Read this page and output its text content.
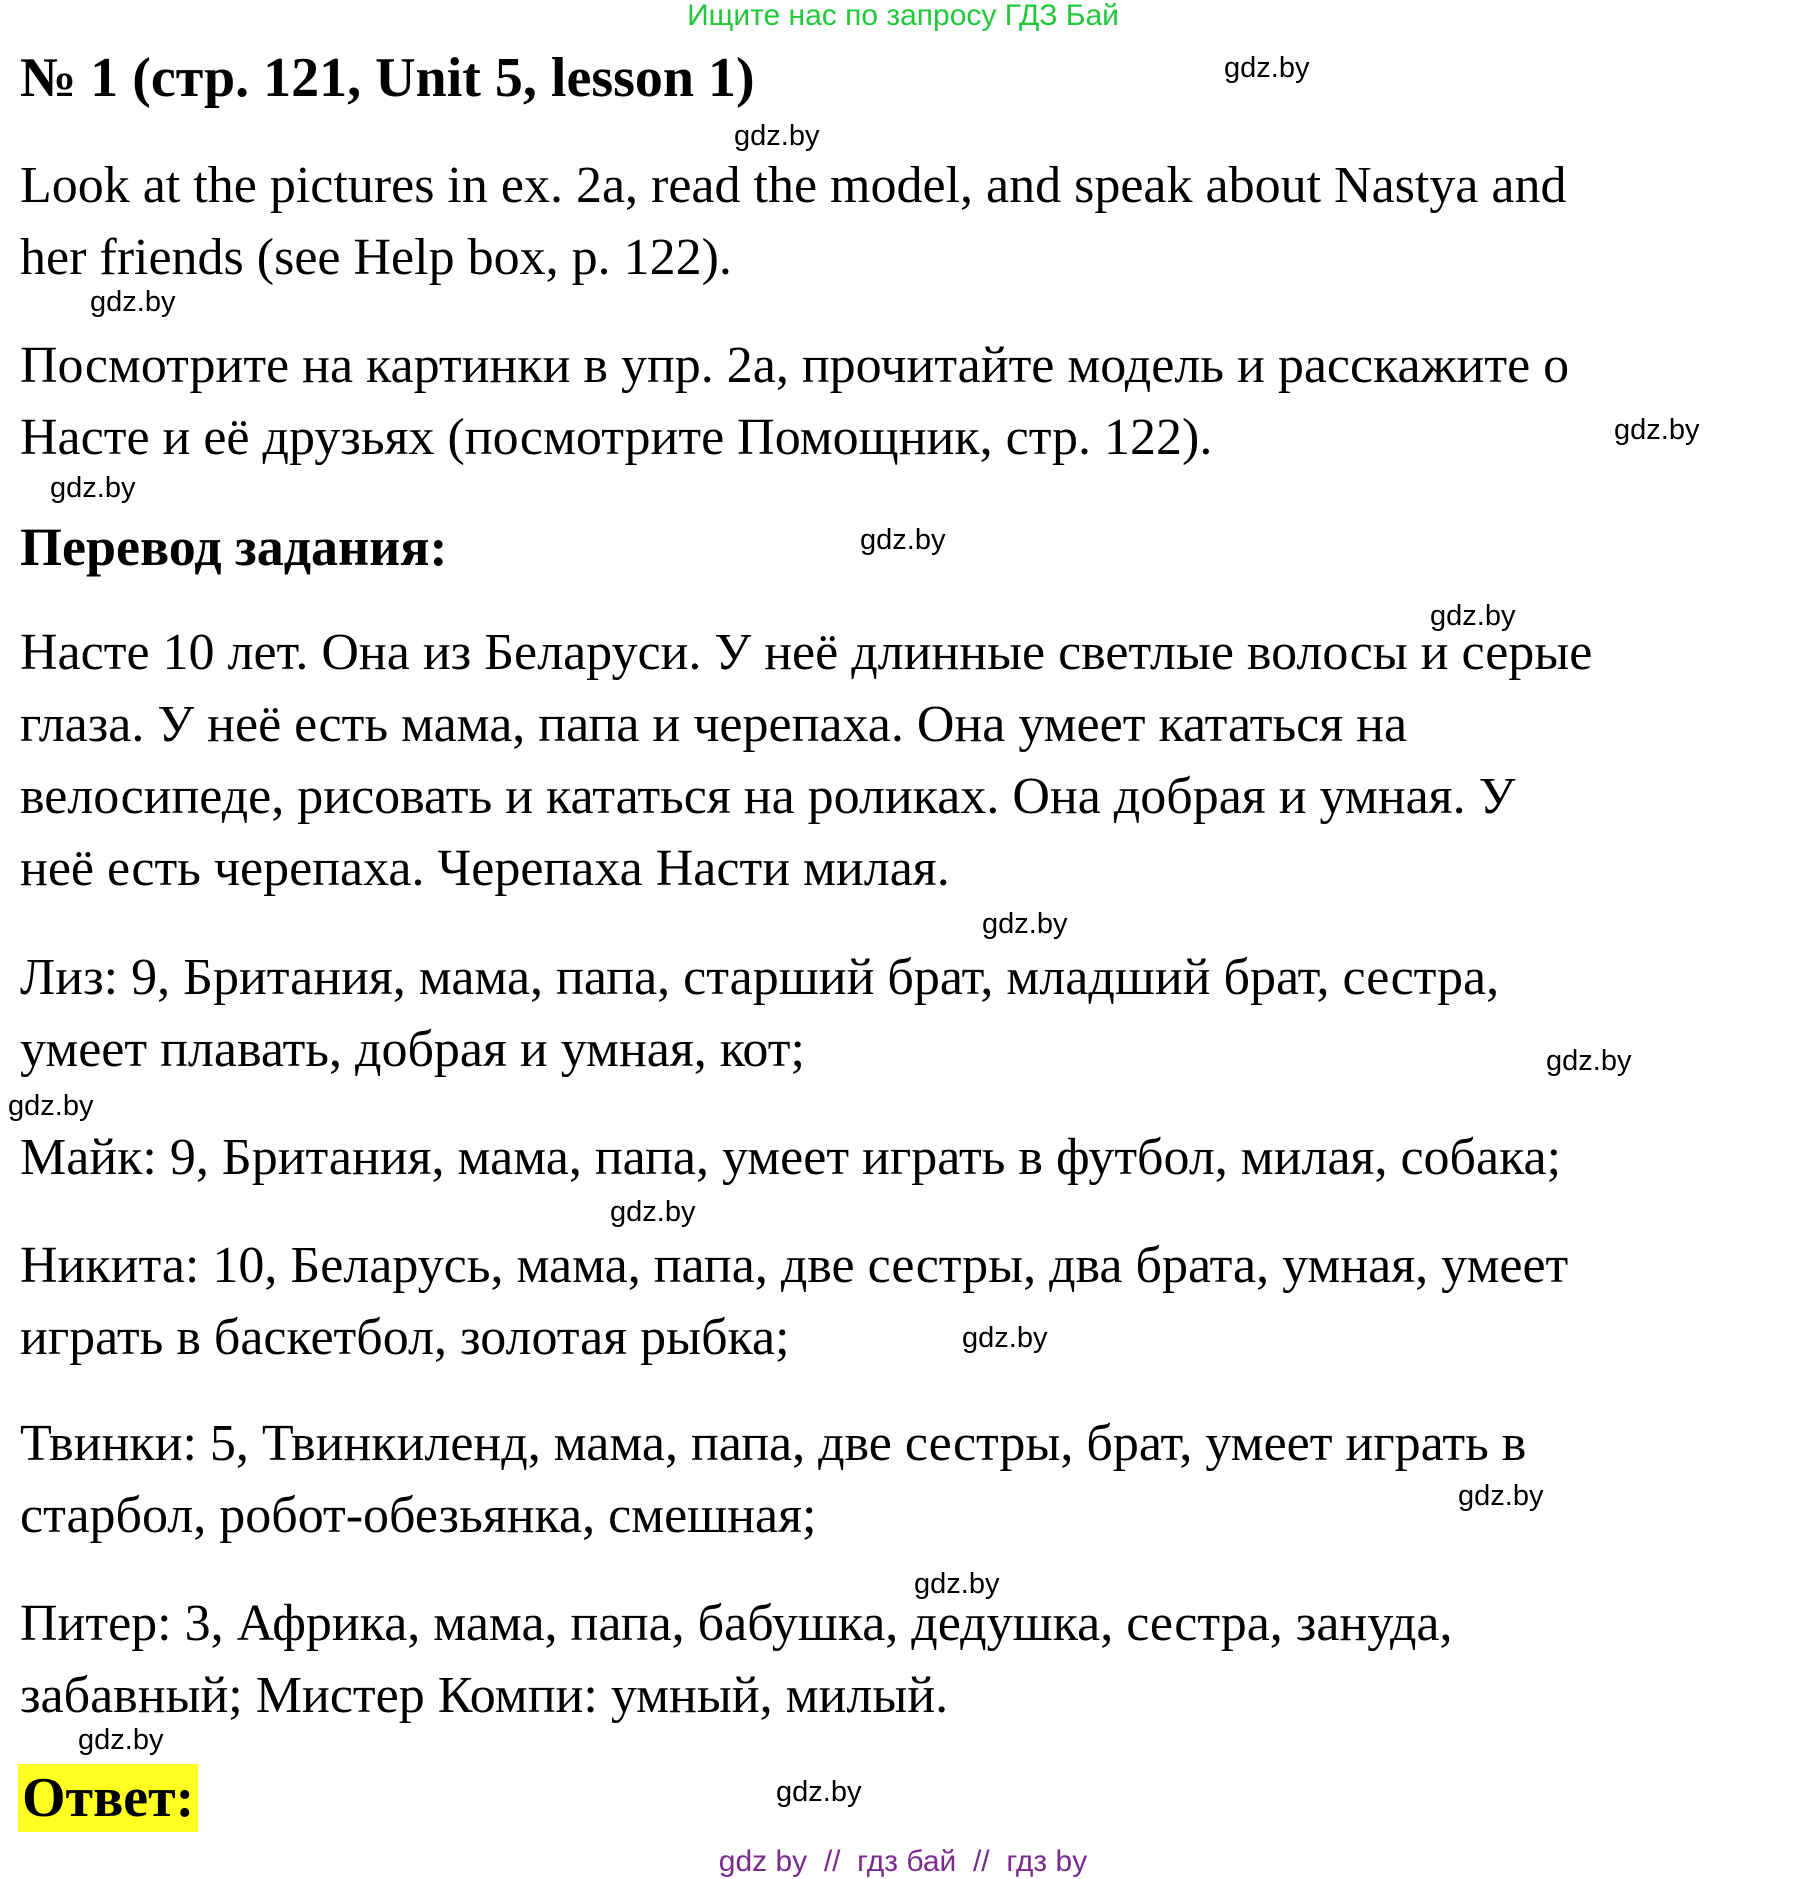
Ищите нас по запросу ГДЗ Бай
№ 1 (стр. 121, Unit 5, lesson 1)
Look at the pictures in ex. 2a, read the model, and speak about Nastya and
her friends (see Help box, p. 122).
Посмотрите на картинки в упр. 2a, прочитайте модель и расскажите о
Насте и её друзьях (посмотрите Помощник, стр. 122).
Перевод задания:
Насте 10 лет. Она из Беларуси. У неё длинные светлые волосы и серые
глаза. У неё есть мама, папа и черепаха. Она умеет кататься на
велосипеде, рисовать и кататься на роликах. Она добрая и умная. У
неё есть черепаха. Черепаха Насти милая.
Лиз: 9, Британия, мама, папа, старший брат, младший брат, сестра,
умеет плавать, добрая и умная, кот;
Майк: 9, Британия, мама, папа, умеет играть в футбол, милая, собака;
Никита: 10, Беларусь, мама, папа, две сестры, два брата, умная, умеет
играть в баскетбол, золотая рыбка;
Твинки: 5, Твинкиленд, мама, папа, две сестры, брат, умеет играть в
старбол, робот-обезьянка, смешная;
Питер: 3, Африка, мама, папа, бабушка, дедушка, сестра, зануда,
забавный; Мистер Компи: умный, милый.
Ответ:
gdz.by
gdz.by
gdz.by
gdz.by
gdz.by
gdz.by
gdz.by
gdz.by
gdz.by
gdz.by
gdz.by
gdz.by
gdz.by
gdz.by
gdz.by
gdz.by
gdz by  //  гдз бай  //  гдз by
